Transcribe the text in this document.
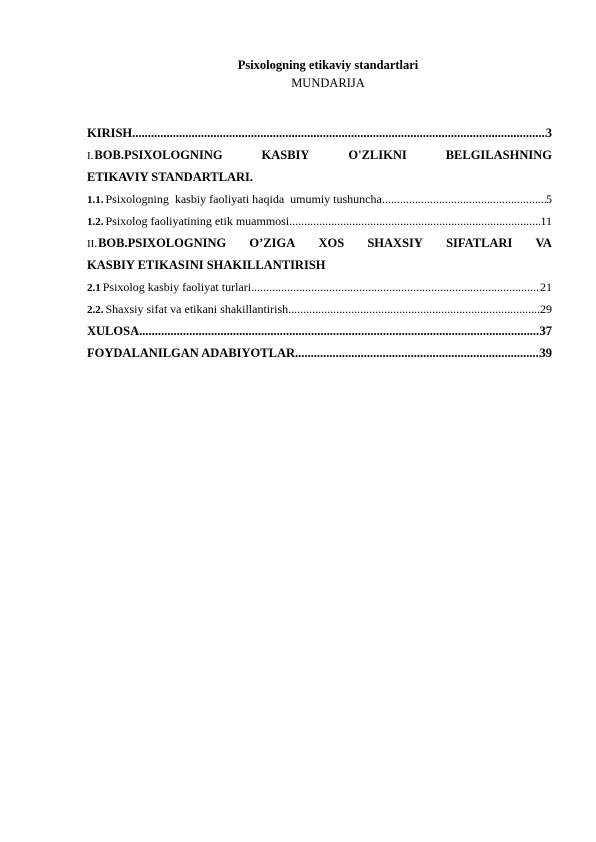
Psixologning etikaviy standartlari
MUNDARIJA
KIRISH .....	3
I.BOB.PSIXOLOGNING	KASBIY	O'ZLIKNI	BELGILASHNING
ETIKAVIY STANDARTLARI.
1.1. Psixologning  kasbiy faoliyati haqida  umumiy tushuncha .....	5
1.2. Psixolog faoliyatining etik muammosi .....	11
II.BOB.PSIXOLOGNING O’ZIGA XOS SHAXSIY SIFATLARI VA
KASBIY ETIKASINI SHAKILLANTIRISH
2.1 Psixolog kasbiy faoliyat turlari .....	21
2.2. Shaxsiy sifat va etikani shakillantirish .....	29
XULOSA .....	37
FOYDALANILGAN ADABIYOTLAR .....	39
